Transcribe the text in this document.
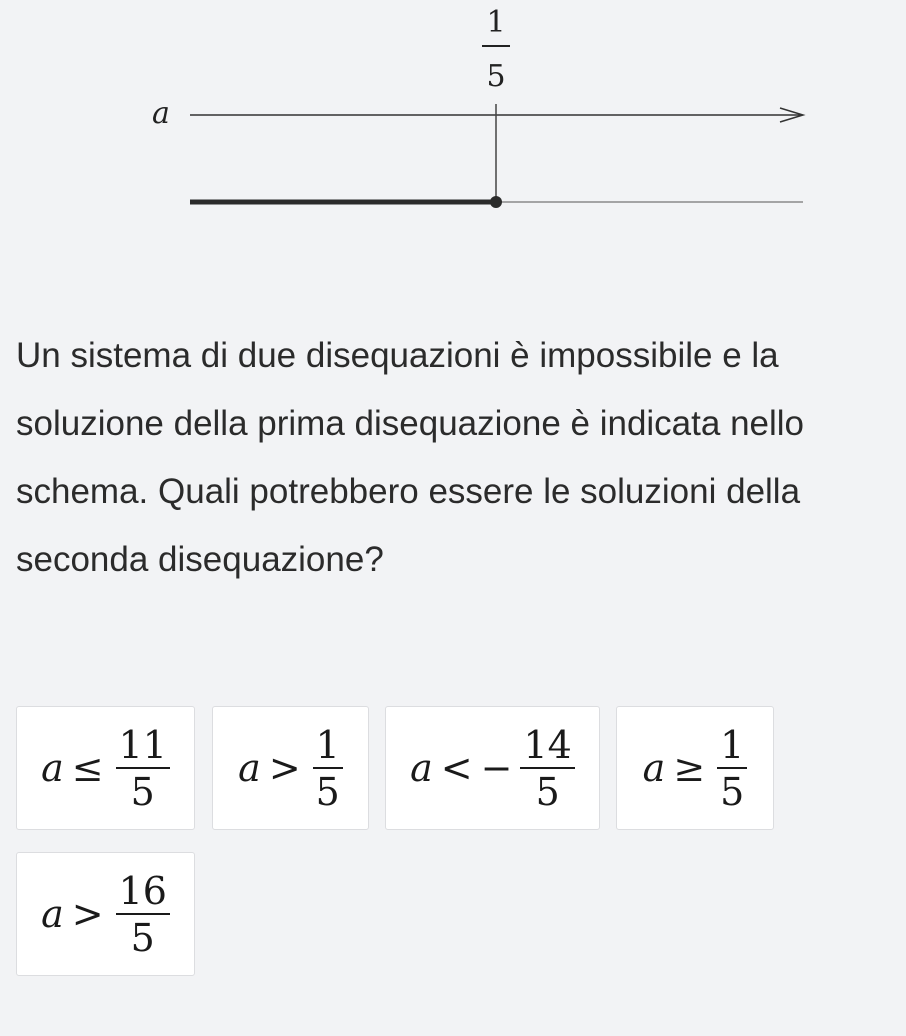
1
5
a

Un sistema di due disequazioni è impossibile e la soluzione della prima disequazione è indicata nello schema. Quali potrebbero essere le soluzioni della seconda disequazione?

$a \le \frac{11}{5}$ $a > \frac{1}{5}$ a < − $\frac{14}{5}$ $a \ge \frac{1}{5}$
$a > \frac{16}{5}$
